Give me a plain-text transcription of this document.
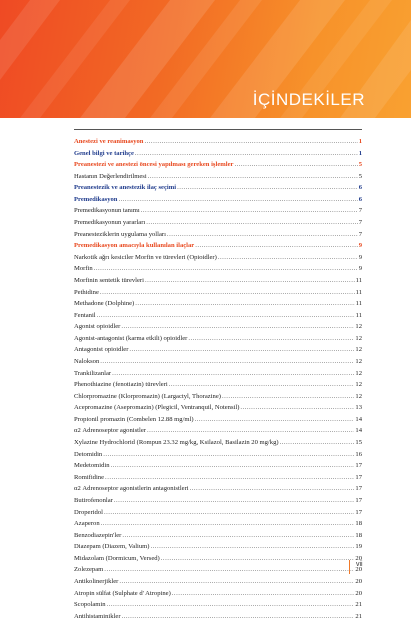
İÇİNDEKİLER
Anestezi ve reanimasyon .....	1
Genel bilgi ve tarihçe .....	1
Preanestezi ve anestezi öncesi yapılması gereken işlemler .....	5
Hastanın Değerlendirilmesi .....	5
Preanestezik ve anestezik ilaç seçimi .....	6
Premedikasyon .....	6
Premedikasyonun tanımı .....	7
Premedikasyonun yararları .....	7
Preanesteziklerin uygulama yolları .....	7
Premedikasyon amacıyla kullanılan ilaçlar .....	9
Narkotik ağrı kesiciler Morfin ve türevleri (Opioidler) .....	9
Morfin .....	9
Morfinin sentetik türevleri .....	11
Pethidine .....	11
Methadone (Dolphine) .....	11
Fentanil .....	11
Agonist opioidler .....	12
Agonist-antagonist (karma etkili) opioidler .....	12
Antagonist opioidler .....	12
Nalokson .....	12
Trankilizanlar .....	12
Phenothiazine (fenotiazin) türevleri .....	12
Chlorpromazine (Klorpromazin) (Largactyl, Thorazine) .....	12
Acepromazine (Asepromazin) (Plegicil, Ventranquil, Notensil) .....	13
Propionil promazin (Combelen 12.88 mg/ml) .....	14
α2 Adrenoseptor agonistler .....	14
Xylazine Hydrochlorid (Rompun 23.32 mg/kg, Ksilazol, Basilazin 20 mg/kg) .....	15
Detomidin .....	16
Medetomidin .....	17
Romifidine .....	17
α2 Adrenoseptor agonistlerin antagonistleri .....	17
Butirofenonlar .....	17
Droperidol .....	17
Azaperon .....	18
Benzodiazepin'ler .....	18
Diazepam (Diazem, Valium) .....	19
Midazolam (Dormicum, Versed) .....	20
Zolezepam .....	20
Antikolinerjikler .....	20
Atropin sülfat (Sulphate d' Atropine) .....	20
Scopolamin .....	21
Antihistaminikler .....	21
vii
